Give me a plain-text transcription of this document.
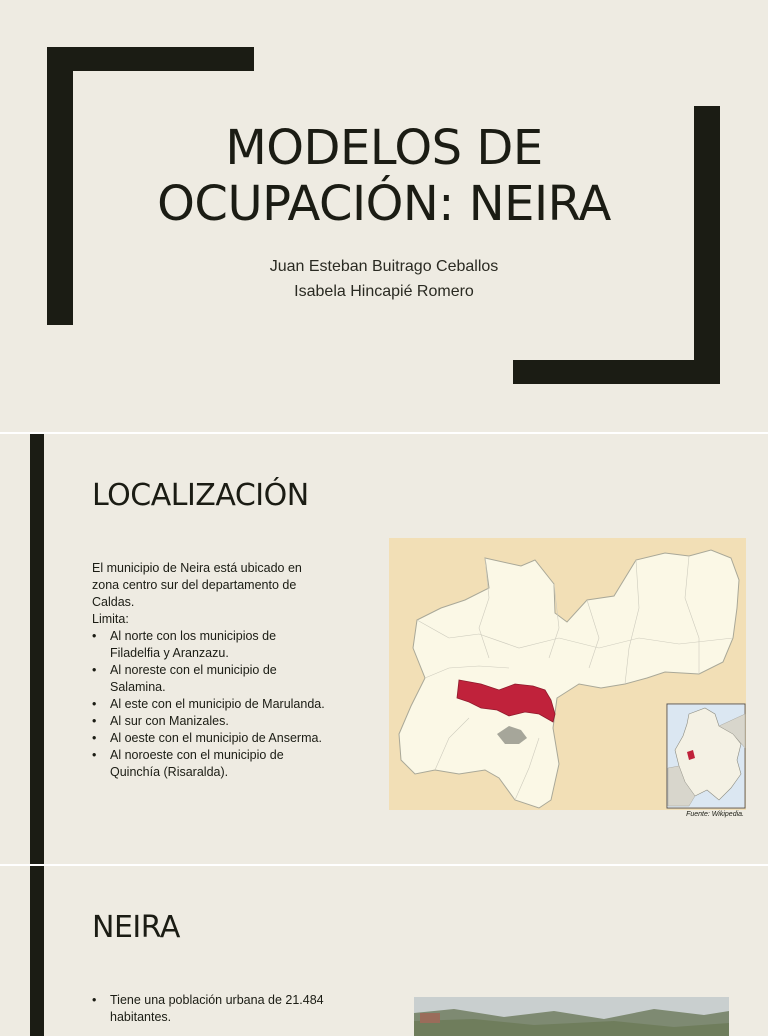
MODELOS DE
OCUPACIÓN: NEIRA
Juan Esteban Buitrago Ceballos
Isabela Hincapié Romero
LOCALIZACIÓN

El municipio de Neira está ubicado en

zona centro sur del departamento de

Caldas.

Limita:

• Al norte con los municipios de
Filadelfia y Aranzazu.
• Al noreste con el municipio de
Salamina.
• Al este con el municipio de Marulanda.
• Al sur con Manizales.
• Al oeste con el municipio de Anserma.
• Al noroeste con el municipio de
Quinchía (Risaralda).
Fuente: Wikipedia.
NEIRA
• Tiene una población urbana de 21.484
habitantes.
